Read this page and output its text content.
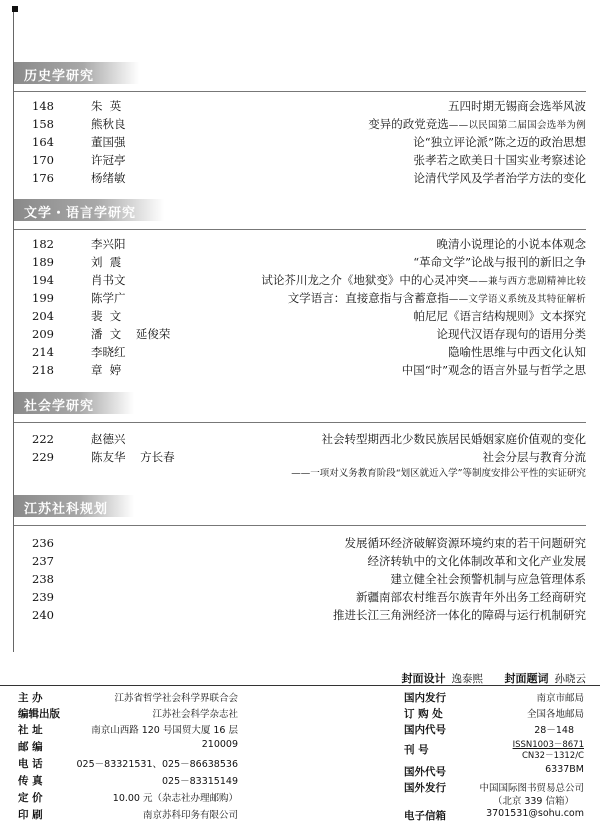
历史学研究
148	朱  英	五四时期无锡商会选举风波
158	熊秋良	变异的政党竞选——以民国第二届国会选举为例
164	董国强	论“独立评论派”陈之迈的政治思想
170	许冠亭	张孝若之欧美日十国实业考察述论
176	杨绪敏	论清代学风及学者治学方法的变化
文学・语言学研究
182	李兴阳	晚清小说理论的小说本体观念
189	刘  震	“革命文学”论战与报刊的新旧之争
194	肖书文	试论芥川龙之介《地狱变》中的心灵冲突——兼与西方悲剧精神比较
199	陈学广	文学语言：直接意指与含蓄意指——文学语义系统及其特征解析
204	裴  文	帕尼尼《语言结构规则》文本探究
209	潘  文    延俊荣	论现代汉语存现句的语用分类
214	李晓红	隐喻性思维与中西文化认知
218	章  婷	中国“时”观念的语言外显与哲学之思
社会学研究
222	赵德兴	社会转型期西北少数民族居民婚姻家庭价值观的变化
229	陈友华    方长春	社会分层与教育分流
——一项对义务教育阶段“划区就近入学”等制度安排公平性的实证研究
江苏社科规划
236	发展循环经济破解资源环境约束的若干问题研究
237	经济转轨中的文化体制改革和文化产业发展
238	建立健全社会预警机制与应急管理体系
239	新疆南部农村维吾尔族青年外出务工经商研究
240	推进长江三角洲经济一体化的障碍与运行机制研究
封面设计 逸泰熙 封面题词 孙晓云
主 办	江苏省哲学社会科学界联合会
编辑出版	江苏社会科学杂志社
社 址	南京山西路 120 号国贸大厦 16 层
邮 编	210009
电 话	025－83321531、025－86638536
传 真	025－83315149
定 价	10.00 元（杂志社办理邮购）
印 刷	南京苏科印务有限公司
国内发行	南京市邮局
订 购 处	全国各地邮局
国内代号	28－148
刊 号	ISSN1003－8671
CN32－1312/C
国外代号	6337BM
国外发行	中国国际图书贸易总公司
（北京 339 信箱）
电子信箱	3701531@sohu.com
